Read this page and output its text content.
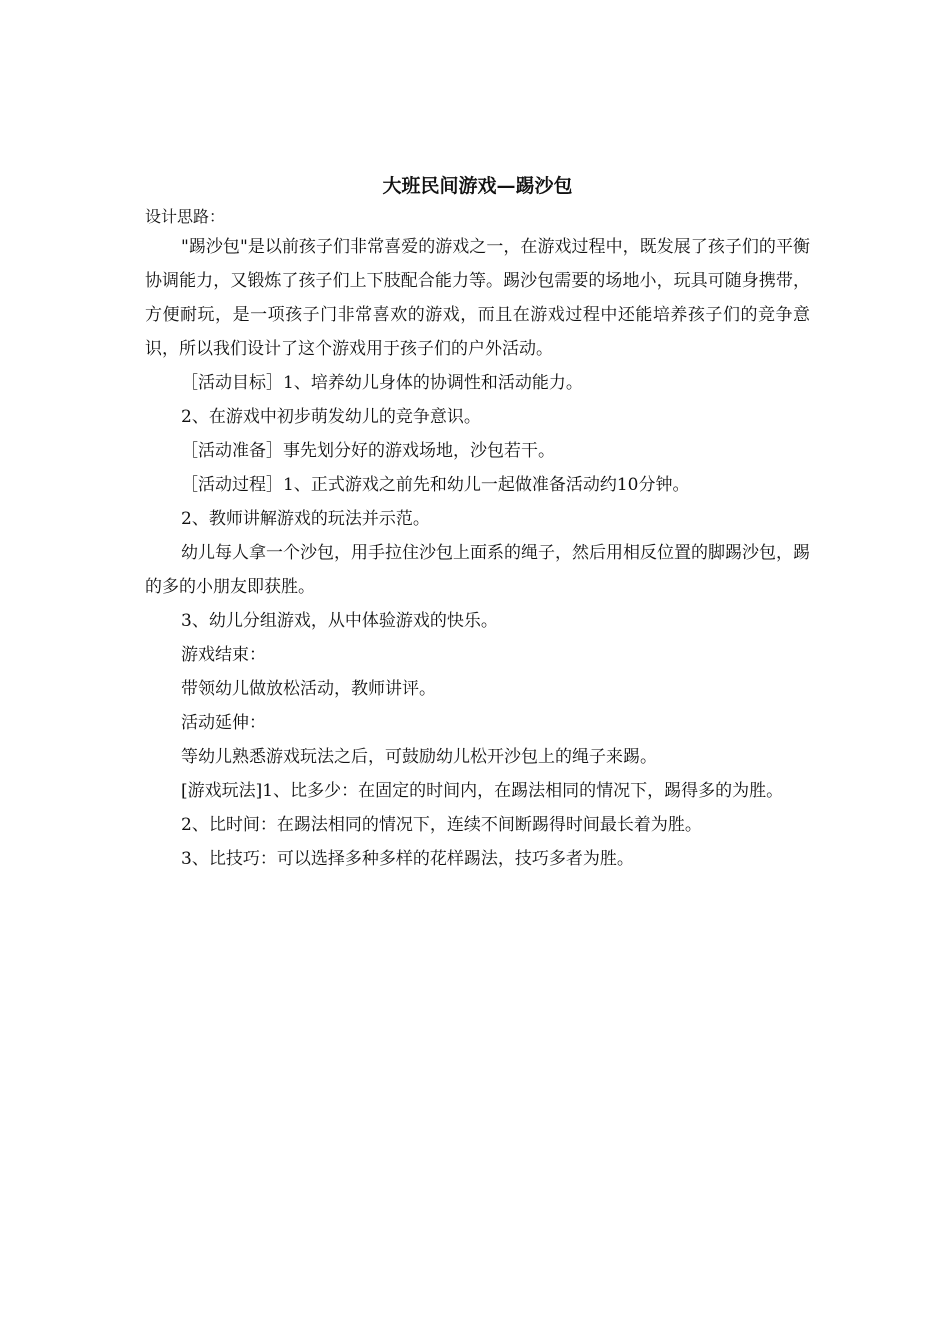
大班民间游戏—踢沙包

设计思路：

"踢沙包"是以前孩子们非常喜爱的游戏之一，在游戏过程中，既发展了孩子们的平衡协调能力，又锻炼了孩子们上下肢配合能力等。踢沙包需要的场地小，玩具可随身携带，方便耐玩，是一项孩子门非常喜欢的游戏，而且在游戏过程中还能培养孩子们的竞争意识，所以我们设计了这个游戏用于孩子们的户外活动。

［活动目标］1、培养幼儿身体的协调性和活动能力。

2、在游戏中初步萌发幼儿的竞争意识。

［活动准备］事先划分好的游戏场地，沙包若干。

［活动过程］1、正式游戏之前先和幼儿一起做准备活动约10分钟。

2、教师讲解游戏的玩法并示范。

幼儿每人拿一个沙包，用手拉住沙包上面系的绳子，然后用相反位置的脚踢沙包，踢的多的小朋友即获胜。

3、幼儿分组游戏，从中体验游戏的快乐。

游戏结束：

带领幼儿做放松活动，教师讲评。

活动延伸：

等幼儿熟悉游戏玩法之后，可鼓励幼儿松开沙包上的绳子来踢。

[游戏玩法]1、比多少：在固定的时间内，在踢法相同的情况下，踢得多的为胜。

2、比时间：在踢法相同的情况下，连续不间断踢得时间最长着为胜。

3、比技巧：可以选择多种多样的花样踢法，技巧多者为胜。
